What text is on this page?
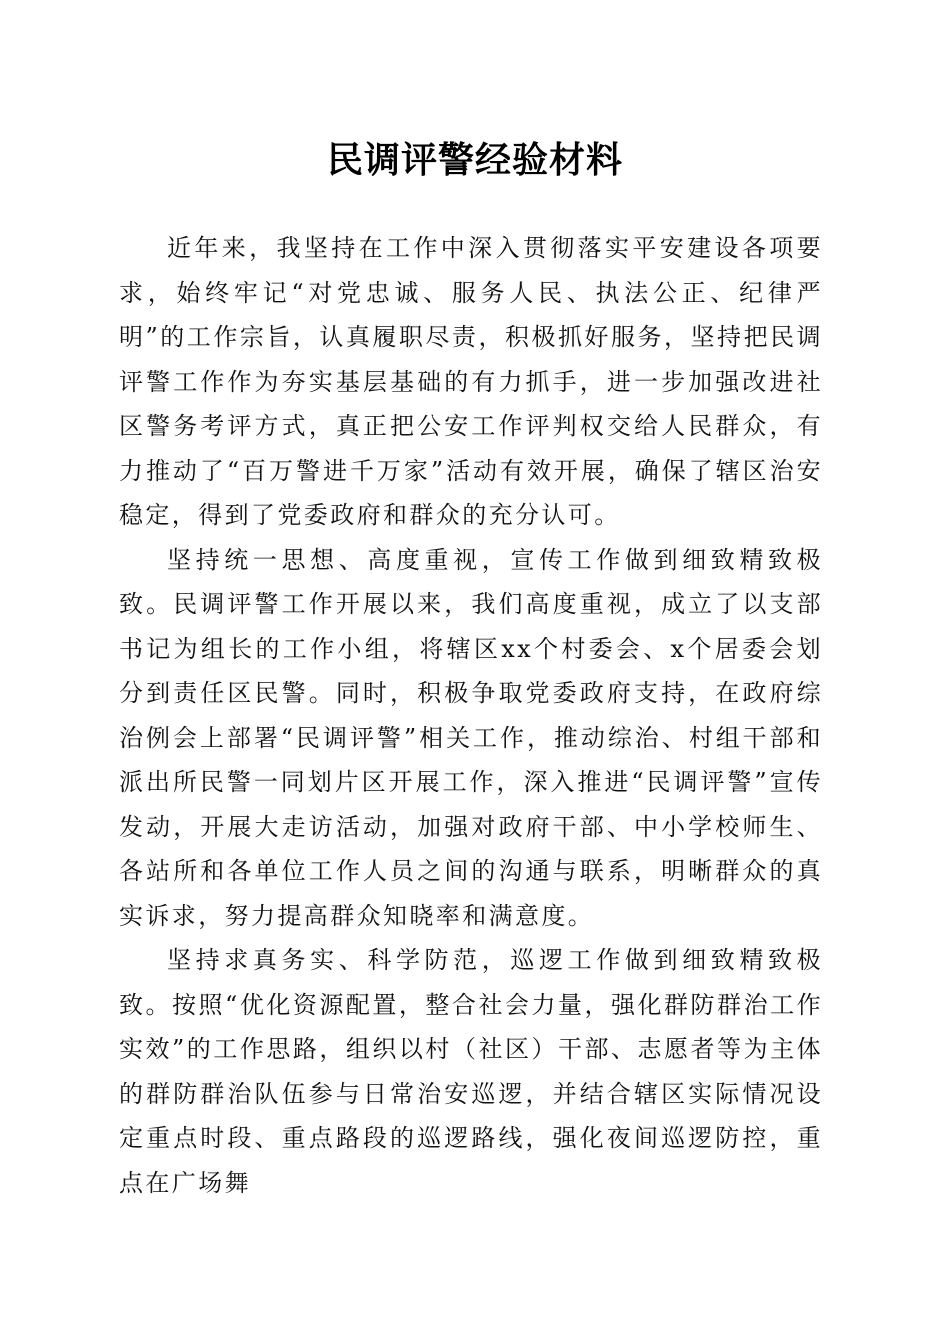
民调评警经验材料

近年来，我坚持在工作中深入贯彻落实平安建设各项要求，始终牢记“对党忠诚、服务人民、执法公正、纪律严明”的工作宗旨，认真履职尽责，积极抓好服务，坚持把民调评警工作作为夯实基层基础的有力抓手，进一步加强改进社区警务考评方式，真正把公安工作评判权交给人民群众，有力推动了“百万警进千万家”活动有效开展，确保了辖区治安稳定，得到了党委政府和群众的充分认可。

坚持统一思想、高度重视，宣传工作做到细致精致极致。民调评警工作开展以来，我们高度重视，成立了以支部书记为组长的工作小组，将辖区xx个村委会、x个居委会划分到责任区民警。同时，积极争取党委政府支持，在政府综治例会上部署“民调评警”相关工作，推动综治、村组干部和派出所民警一同划片区开展工作，深入推进“民调评警”宣传发动，开展大走访活动，加强对政府干部、中小学校师生、各站所和各单位工作人员之间的沟通与联系，明晰群众的真实诉求，努力提高群众知晓率和满意度。

坚持求真务实、科学防范，巡逻工作做到细致精致极致。按照“优化资源配置，整合社会力量，强化群防群治工作实效”的工作思路，组织以村（社区）干部、志愿者等为主体的群防群治队伍参与日常治安巡逻，并结合辖区实际情况设定重点时段、重点路段的巡逻路线，强化夜间巡逻防控，重点在广场舞
